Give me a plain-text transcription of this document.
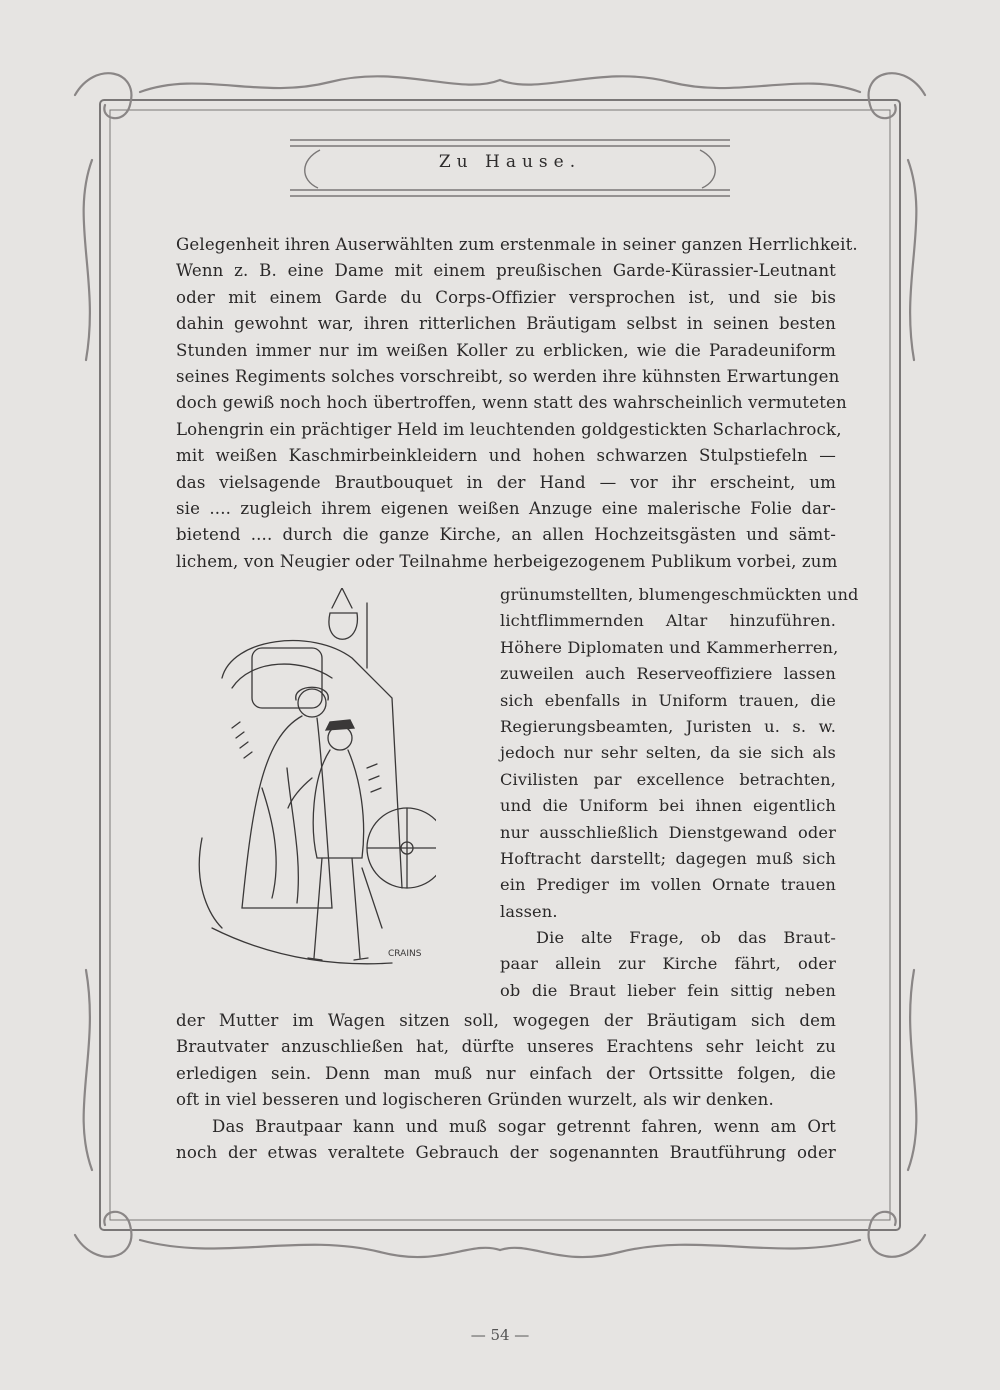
Zu Hause.
Gelegenheit ihren Auserwählten zum erstenmale in seiner ganzen Herrlichkeit.
Wenn z. B. eine Dame mit einem preußischen Garde-Kürassier-Leutnant
oder mit einem Garde du Corps-Offizier versprochen ist, und sie bis
dahin gewohnt war, ihren ritterlichen Bräutigam selbst in seinen besten
Stunden immer nur im weißen Koller zu erblicken, wie die Paradeuniform
seines Regiments solches vorschreibt, so werden ihre kühnsten Erwartungen
doch gewiß noch hoch übertroffen, wenn statt des wahrscheinlich vermuteten
Lohengrin ein prächtiger Held im leuchtenden goldgestickten Scharlachrock,
mit weißen Kaschmirbeinkleidern und hohen schwarzen Stulpstiefeln —
das vielsagende Brautbouquet in der Hand — vor ihr erscheint, um
sie .... zugleich ihrem eigenen weißen Anzuge eine malerische Folie dar-
bietend .... durch die ganze Kirche, an allen Hochzeitsgästen und sämt-
lichem, von Neugier oder Teilnahme herbeigezogenem Publikum vorbei, zum
grünumstellten, blumengeschmückten und
lichtflimmernden Altar hinzuführen.
Höhere Diplomaten und Kammerherren,
zuweilen auch Reserveoffiziere lassen
sich ebenfalls in Uniform trauen, die
Regierungsbeamten, Juristen u. s. w.
jedoch nur sehr selten, da sie sich als
Civilisten par excellence betrachten,
und die Uniform bei ihnen eigentlich
nur ausschließlich Dienstgewand oder
Hoftracht darstellt; dagegen muß sich
ein Prediger im vollen Ornate trauen
lassen.
Die alte Frage, ob das Braut-
paar allein zur Kirche fährt, oder
ob die Braut lieber fein sittig neben
der Mutter im Wagen sitzen soll, wogegen der Bräutigam sich dem
Brautvater anzuschließen hat, dürfte unseres Erachtens sehr leicht zu
erledigen sein. Denn man muß nur einfach der Ortssitte folgen, die
oft in viel besseren und logischeren Gründen wurzelt, als wir denken.
Das Brautpaar kann und muß sogar getrennt fahren, wenn am Ort
noch der etwas veraltete Gebrauch der sogenannten Brautführung oder
CRAINS
— 54 —
